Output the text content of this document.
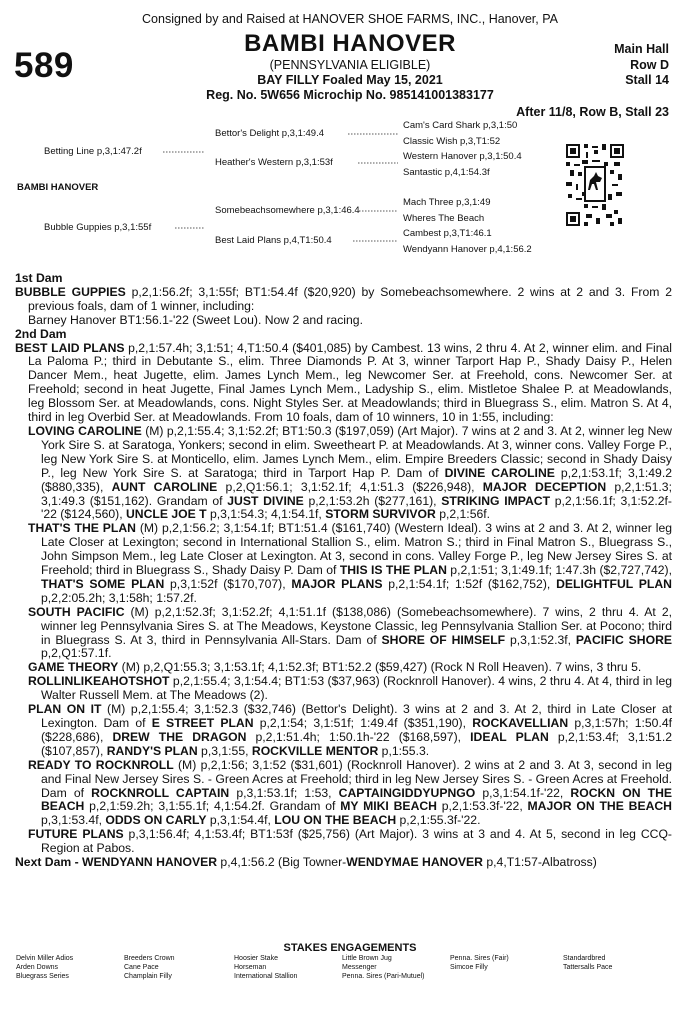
Consigned by and Raised at HANOVER SHOE FARMS, INC., Hanover, PA
589
BAMBI HANOVER
(PENNSYLVANIA ELIGIBLE)
BAY FILLY Foaled May 15, 2021
Reg. No. 5W656 Microchip No. 985141001383177
Main Hall
Row D
Stall 14
After 11/8, Row B, Stall 23
Betting Line p,3,1:47.2f
BAMBI HANOVER
Bubble Guppies p,3,1:55f
Bettor's Delight p,3,1:49.4
Heather's Western p,3,1:53f
Somebeachsomewhere p,3,1:46.4
Best Laid Plans p,4,T1:50.4
Cam's Card Shark p,3,1:50
Classic Wish p,3,T1:52
Western Hanover p,3,1:50.4
Santastic p,4,1:54.3f
Mach Three p,3,1:49
Wheres The Beach
Cambest p,3,T1:46.1
Wendyann Hanover p,4,1:56.2

1st Dam

BUBBLE GUPPIES p,2,1:56.2f; 3,1:55f; BT1:54.4f ($20,920) by Somebeachsomewhere. 2 wins at 2 and 3. From 2 previous foals, dam of 1 winner, including:

Barney Hanover BT1:56.1-'22 (Sweet Lou). Now 2 and racing.

2nd Dam

BEST LAID PLANS p,2,1:57.4h; 3,1:51; 4,T1:50.4 ($401,085) by Cambest. 13 wins, 2 thru 4. At 2, winner elim. and Final La Paloma P.; third in Debutante S., elim. Three Diamonds P. At 3, winner Tarport Hap P., Shady Daisy P., Helen Dancer Mem., heat Jugette, elim. James Lynch Mem., leg Newcomer Ser. at Freehold, cons. Newcomer Ser. at Freehold; second in heat Jugette, Final James Lynch Mem., Ladyship S., elim. Mistletoe Shalee P. at Meadowlands, leg Blossom Ser. at Meadowlands, cons. Night Styles Ser. at Meadowlands; third in Bluegrass S., elim. Matron S. At 4, third in leg Overbid Ser. at Meadowlands. From 10 foals, dam of 10 winners, 10 in 1:55, including:

LOVING CAROLINE (M) p,2,1:55.4; 3,1:52.2f; BT1:50.3 ($197,059) (Art Major). 7 wins at 2 and 3. At 2, winner leg New York Sire S. at Saratoga, Yonkers; second in elim. Sweetheart P. at Meadowlands. At 3, winner cons. Valley Forge P., leg New York Sire S. at Monticello, elim. James Lynch Mem., elim. Empire Breeders Classic; second in Shady Daisy P., leg New York Sire S. at Saratoga; third in Tarport Hap P. Dam of DIVINE CAROLINE p,2,1:53.1f; 3,1:49.2 ($880,335), AUNT CAROLINE p,2,Q1:56.1; 3,1:52.1f; 4,1:51.3 ($226,948), MAJOR DECEPTION p,2,1:51.3; 3,1:49.3 ($151,162). Grandam of JUST DIVINE p,2,1:53.2h ($277,161), STRIKING IMPACT p,2,1:56.1f; 3,1:52.2f-'22 ($124,560), UNCLE JOE T p,3,1:54.3; 4,1:54.1f, STORM SURVIVOR p,2,1:56f.

THAT'S THE PLAN (M) p,2,1:56.2; 3,1:54.1f; BT1:51.4 ($161,740) (Western Ideal). 3 wins at 2 and 3. At 2, winner leg Late Closer at Lexington; second in International Stallion S., elim. Matron S.; third in Final Matron S., Bluegrass S., John Simpson Mem., leg Late Closer at Lexington. At 3, second in cons. Valley Forge P., leg New Jersey Sires S. at Freehold; third in Bluegrass S., Shady Daisy P. Dam of THIS IS THE PLAN p,2,1:51; 3,1:49.1f; 1:47.3h ($2,727,742), THAT'S SOME PLAN p,3,1:52f ($170,707), MAJOR PLANS p,2,1:54.1f; 1:52f ($162,752), DELIGHTFUL PLAN p,2,2:05.2h; 3,1:58h; 1:57.2f.

SOUTH PACIFIC (M) p,2,1:52.3f; 3,1:52.2f; 4,1:51.1f ($138,086) (Somebeachsomewhere). 7 wins, 2 thru 4. At 2, winner leg Pennsylvania Sires S. at The Meadows, Keystone Classic, leg Pennsylvania Stallion Ser. at Pocono; third in Bluegrass S. At 3, third in Pennsylvania All-Stars. Dam of SHORE OF HIMSELF p,3,1:52.3f, PACIFIC SHORE p,2,Q1:57.1f.

GAME THEORY (M) p,2,Q1:55.3; 3,1:53.1f; 4,1:52.3f; BT1:52.2 ($59,427) (Rock N Roll Heaven). 7 wins, 3 thru 5.

ROLLINLIKEAHOTSHOT p,2,1:55.4; 3,1:54.4; BT1:53 ($37,963) (Rocknroll Hanover). 4 wins, 2 thru 4. At 4, third in leg Walter Russell Mem. at The Meadows (2).

PLAN ON IT (M) p,2,1:55.4; 3,1:52.3 ($32,746) (Bettor's Delight). 3 wins at 2 and 3. At 2, third in Late Closer at Lexington. Dam of E STREET PLAN p,2,1:54; 3,1:51f; 1:49.4f ($351,190), ROCKAVELLIAN p,3,1:57h; 1:50.4f ($228,686), DREW THE DRAGON p,2,1:51.4h; 1:50.1h-'22 ($168,597), IDEAL PLAN p,2,1:53.4f; 3,1:51.2 ($107,857), RANDY'S PLAN p,3,1:55, ROCKVILLE MENTOR p,1:55.3.

READY TO ROCKNROLL (M) p,2,1:56; 3,1:52 ($31,601) (Rocknroll Hanover). 2 wins at 2 and 3. At 3, second in leg and Final New Jersey Sires S. - Green Acres at Freehold; third in leg New Jersey Sires S. - Green Acres at Freehold. Dam of ROCKNROLL CAPTAIN p,3,1:53.1f; 1:53, CAPTAINGIDDYUPNGO p,3,1:54.1f-'22, ROCKN ON THE BEACH p,2,1:59.2h; 3,1:55.1f; 4,1:54.2f. Grandam of MY MIKI BEACH p,2,1:53.3f-'22, MAJOR ON THE BEACH p,3,1:53.4f, ODDS ON CARLY p,3,1:54.4f, LOU ON THE BEACH p,2,1:55.3f-'22.

FUTURE PLANS p,3,1:56.4f; 4,1:53.4f; BT1:53f ($25,756) (Art Major). 3 wins at 3 and 4. At 5, second in leg CCQ-Region at Pabos.

Next Dam - WENDYANN HANOVER p,4,1:56.2 (Big Towner-WENDYMAE HANOVER p,4,T1:57-Albatross)

STAKES ENGAGEMENTS
Delvin Miller Adios
Arden Downs
Bluegrass Series
Breeders Crown
Cane Pace
Champlain Filly
Hoosier Stake
Horseman
International Stallion
Little Brown Jug
Messenger
Penna. Sires (Pari-Mutuel)
Penna. Sires (Fair)
Simcoe Filly
Standardbred
Tattersalls Pace
